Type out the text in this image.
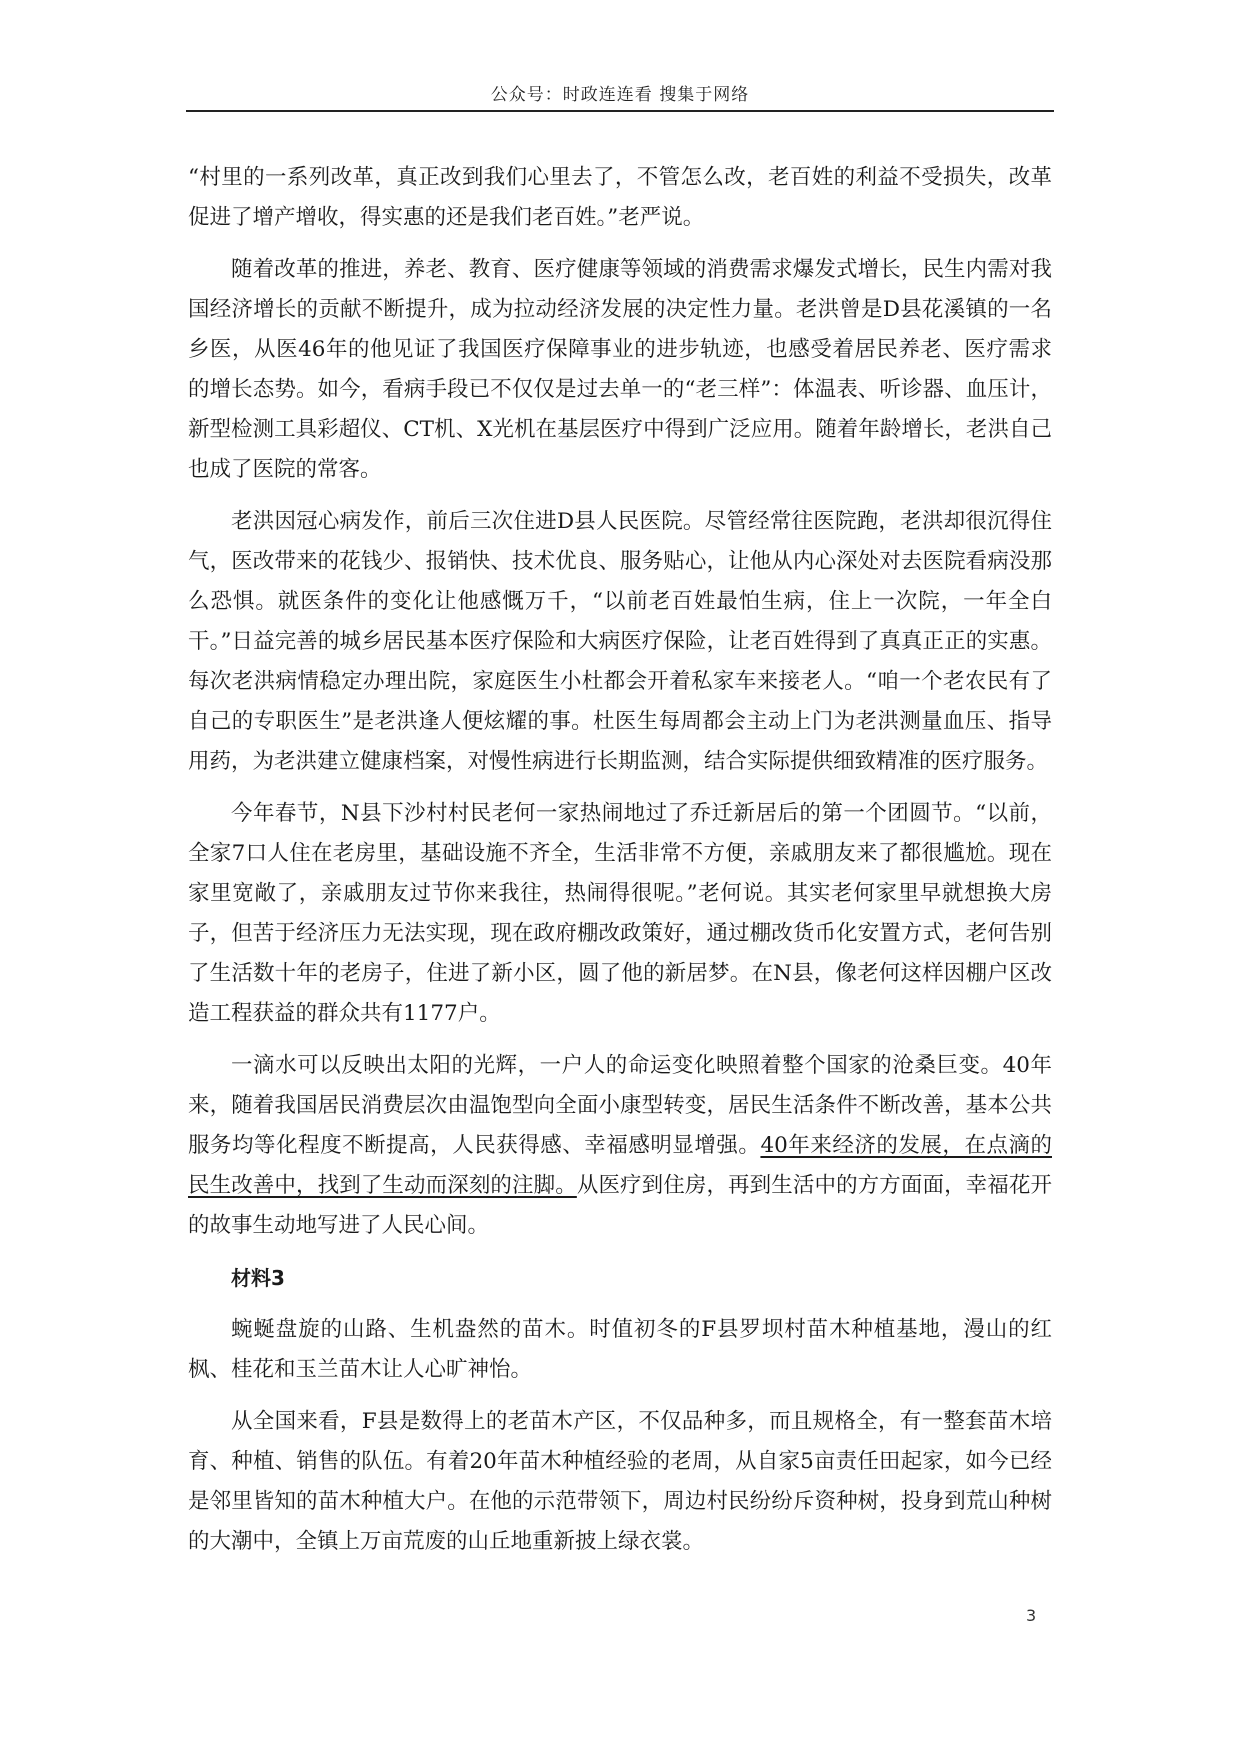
公众号：时政连连看 搜集于网络

“村里的一系列改革，真正改到我们心里去了，不管怎么改，老百姓的利益不受损失，改革促进了增产增收，得实惠的还是我们老百姓。”老严说。

随着改革的推进，养老、教育、医疗健康等领域的消费需求爆发式增长，民生内需对我国经济增长的贡献不断提升，成为拉动经济发展的决定性力量。老洪曾是D县花溪镇的一名乡医，从医46年的他见证了我国医疗保障事业的进步轨迹，也感受着居民养老、医疗需求的增长态势。如今，看病手段已不仅仅是过去单一的“老三样”：体温表、听诊器、血压计，新型检测工具彩超仪、CT机、X光机在基层医疗中得到广泛应用。随着年龄增长，老洪自己也成了医院的常客。

老洪因冠心病发作，前后三次住进D县人民医院。尽管经常往医院跑，老洪却很沉得住气，医改带来的花钱少、报销快、技术优良、服务贴心，让他从内心深处对去医院看病没那么恐惧。就医条件的变化让他感慨万千，“以前老百姓最怕生病，住上一次院，一年全白干。”日益完善的城乡居民基本医疗保险和大病医疗保险，让老百姓得到了真真正正的实惠。每次老洪病情稳定办理出院，家庭医生小杜都会开着私家车来接老人。“咱一个老农民有了自己的专职医生”是老洪逢人便炫耀的事。杜医生每周都会主动上门为老洪测量血压、指导用药，为老洪建立健康档案，对慢性病进行长期监测，结合实际提供细致精准的医疗服务。

今年春节，N县下沙村村民老何一家热闹地过了乔迁新居后的第一个团圆节。“以前，全家7口人住在老房里，基础设施不齐全，生活非常不方便，亲戚朋友来了都很尴尬。现在家里宽敞了，亲戚朋友过节你来我往，热闹得很呢。”老何说。其实老何家里早就想换大房子，但苦于经济压力无法实现，现在政府棚改政策好，通过棚改货币化安置方式，老何告别了生活数十年的老房子，住进了新小区，圆了他的新居梦。在N县，像老何这样因棚户区改造工程获益的群众共有1177户。

一滴水可以反映出太阳的光辉，一户人的命运变化映照着整个国家的沧桑巨变。40年来，随着我国居民消费层次由温饱型向全面小康型转变，居民生活条件不断改善，基本公共服务均等化程度不断提高，人民获得感、幸福感明显增强。40年来经济的发展，在点滴的民生改善中，找到了生动而深刻的注脚。从医疗到住房，再到生活中的方方面面，幸福花开的故事生动地写进了人民心间。

材料3

蜿蜒盘旋的山路、生机盎然的苗木。时值初冬的F县罗坝村苗木种植基地，漫山的红枫、桂花和玉兰苗木让人心旷神怡。

从全国来看，F县是数得上的老苗木产区，不仅品种多，而且规格全，有一整套苗木培育、种植、销售的队伍。有着20年苗木种植经验的老周，从自家5亩责任田起家，如今已经是邻里皆知的苗木种植大户。在他的示范带领下，周边村民纷纷斥资种树，投身到荒山种树的大潮中，全镇上万亩荒废的山丘地重新披上绿衣裳。

3
